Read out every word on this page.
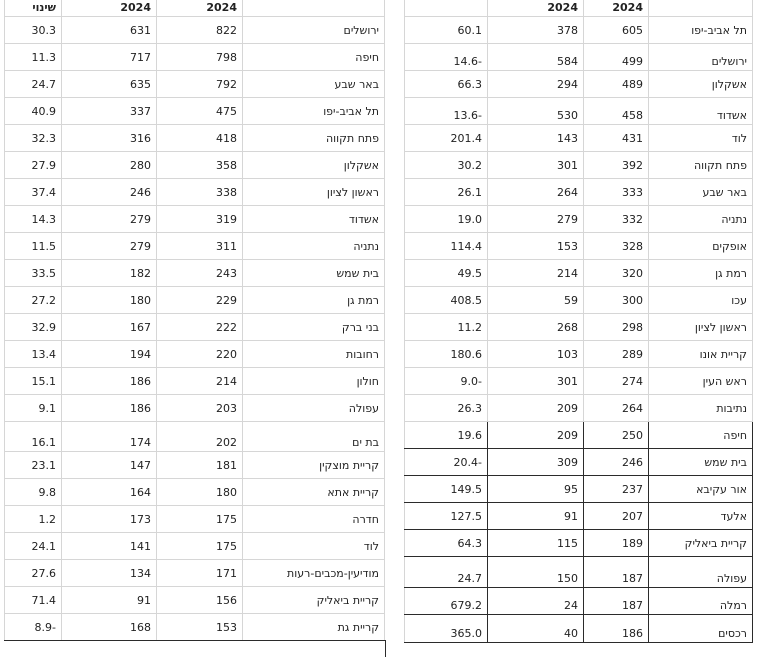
שינוי	2024	2024
30.3	631	822	ירושלים
11.3	717	798	חיפה
24.7	635	792	באר שבע
40.9	337	475	תל אביב-יפו
32.3	316	418	פתח תקווה
27.9	280	358	אשקלון
37.4	246	338	ראשון לציון
14.3	279	319	אשדוד
11.5	279	311	נתניה
33.5	182	243	בית שמש
27.2	180	229	רמת גן
32.9	167	222	בני ברק
13.4	194	220	רחובות
15.1	186	214	חולון
9.1	186	203	עפולה
16.1	174	202	בת ים
23.1	147	181	קריית מוצקין
9.8	164	180	קריית אתא
1.2	173	175	חדרה
24.1	141	175	לוד
27.6	134	171	מודיעין-מכבים-רעות
71.4	91	156	קריית ביאליק
8.9-	168	153	קריית גת
2024	2024
60.1	378	605	תל אביב-יפו
14.6-	584	499	ירושלים
66.3	294	489	אשקלון
13.6-	530	458	אשדוד
201.4	143	431	לוד
30.2	301	392	פתח תקווה
26.1	264	333	באר שבע
19.0	279	332	נתניה
114.4	153	328	אופקים
49.5	214	320	רמת גן
408.5	59	300	עכו
11.2	268	298	ראשון לציון
180.6	103	289	קריית אונו
9.0-	301	274	ראש העין
26.3	209	264	נתיבות
19.6	209	250	חיפה
20.4-	309	246	בית שמש
149.5	95	237	אור עקיבא
127.5	91	207	אלעד
64.3	115	189	קריית ביאליק
24.7	150	187	עפולה
679.2	24	187	רמלה
365.0	40	186	רכסים
